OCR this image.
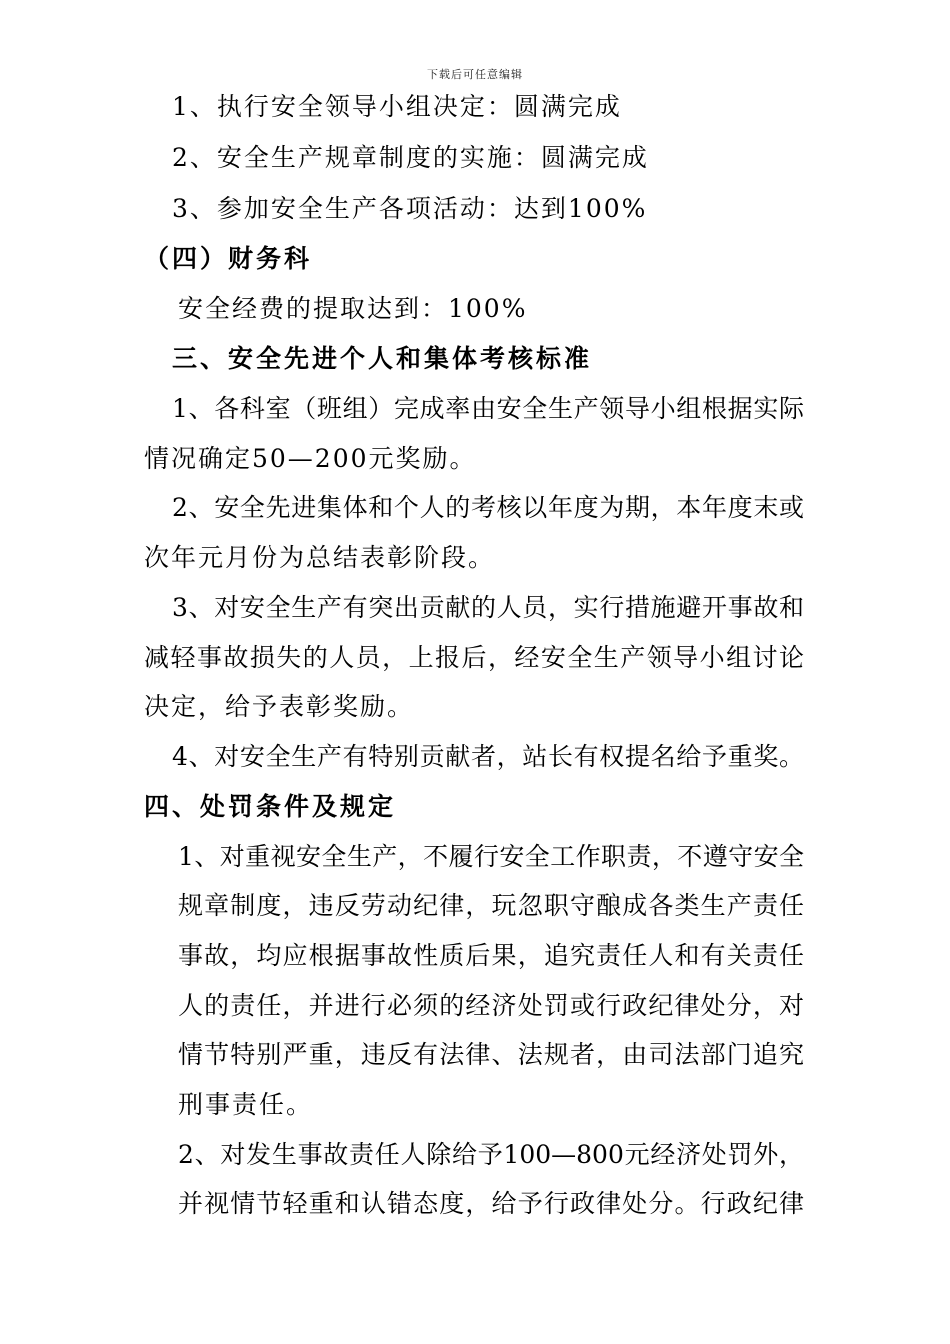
下载后可任意编辑
1、执行安全领导小组决定：圆满完成
2、安全生产规章制度的实施：圆满完成
3、参加安全生产各项活动：达到100%
（四）财务科
安全经费的提取达到：100%
三、安全先进个人和集体考核标准
1、各科室（班组）完成率由安全生产领导小组根据实际
情况确定50—200元奖励。
2、安全先进集体和个人的考核以年度为期，本年度末或
次年元月份为总结表彰阶段。
3、对安全生产有突出贡献的人员，实行措施避开事故和
减轻事故损失的人员，上报后，经安全生产领导小组讨论
决定，给予表彰奖励。
4、对安全生产有特别贡献者，站长有权提名给予重奖。
四、处罚条件及规定
1、对重视安全生产，不履行安全工作职责，不遵守安全
规章制度，违反劳动纪律，玩忽职守酿成各类生产责任
事故，均应根据事故性质后果，追究责任人和有关责任
人的责任，并进行必须的经济处罚或行政纪律处分，对
情节特别严重，违反有法律、法规者，由司法部门追究
刑事责任。
2、对发生事故责任人除给予100—800元经济处罚外，
并视情节轻重和认错态度，给予行政律处分。行政纪律
